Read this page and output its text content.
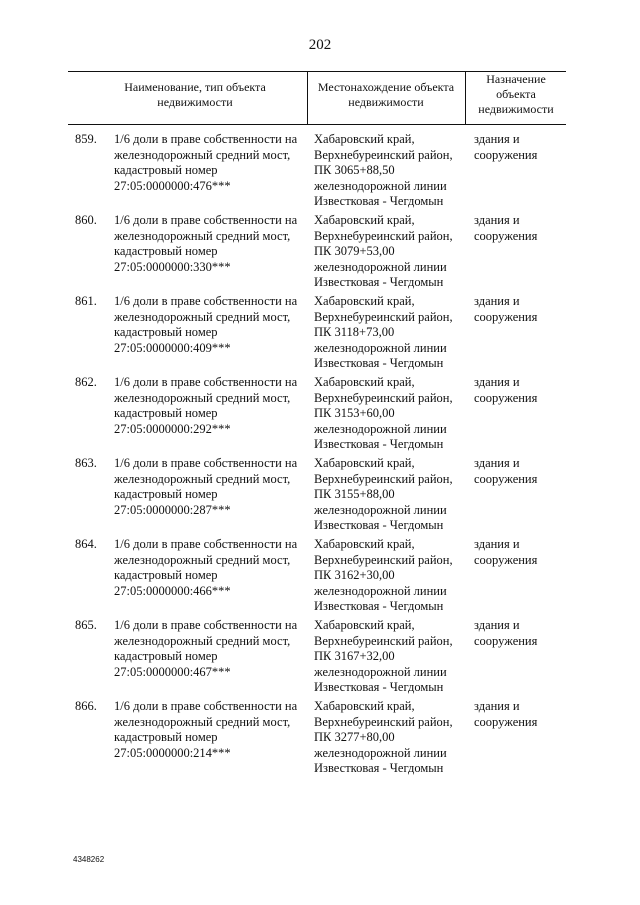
202
Наименование, тип объекта
недвижимости
Местонахождение объекта
недвижимости
Назначение
объекта
недвижимости
859. 1/6 доли в праве собственности на
железнодорожный средний мост,
кадастровый номер
27:05:0000000:476***
Хабаровский край,
Верхнебуреинский район,
ПК 3065+88,50
железнодорожной линии
Известковая - Чегдомын
здания и
сооружения
860. 1/6 доли в праве собственности на
железнодорожный средний мост,
кадастровый номер
27:05:0000000:330***
Хабаровский край,
Верхнебуреинский район,
ПК 3079+53,00
железнодорожной линии
Известковая - Чегдомын
здания и
сооружения
861. 1/6 доли в праве собственности на
железнодорожный средний мост,
кадастровый номер
27:05:0000000:409***
Хабаровский край,
Верхнебуреинский район,
ПК 3118+73,00
железнодорожной линии
Известковая - Чегдомын
здания и
сооружения
862. 1/6 доли в праве собственности на
железнодорожный средний мост,
кадастровый номер
27:05:0000000:292***
Хабаровский край,
Верхнебуреинский район,
ПК 3153+60,00
железнодорожной линии
Известковая - Чегдомын
здания и
сооружения
863. 1/6 доли в праве собственности на
железнодорожный средний мост,
кадастровый номер
27:05:0000000:287***
Хабаровский край,
Верхнебуреинский район,
ПК 3155+88,00
железнодорожной линии
Известковая - Чегдомын
здания и
сооружения
864. 1/6 доли в праве собственности на
железнодорожный средний мост,
кадастровый номер
27:05:0000000:466***
Хабаровский край,
Верхнебуреинский район,
ПК 3162+30,00
железнодорожной линии
Известковая - Чегдомын
здания и
сооружения
865. 1/6 доли в праве собственности на
железнодорожный средний мост,
кадастровый номер
27:05:0000000:467***
Хабаровский край,
Верхнебуреинский район,
ПК 3167+32,00
железнодорожной линии
Известковая - Чегдомын
здания и
сооружения
866. 1/6 доли в праве собственности на
железнодорожный средний мост,
кадастровый номер
27:05:0000000:214***
Хабаровский край,
Верхнебуреинский район,
ПК 3277+80,00
железнодорожной линии
Известковая - Чегдомын
здания и
сооружения
4348262
